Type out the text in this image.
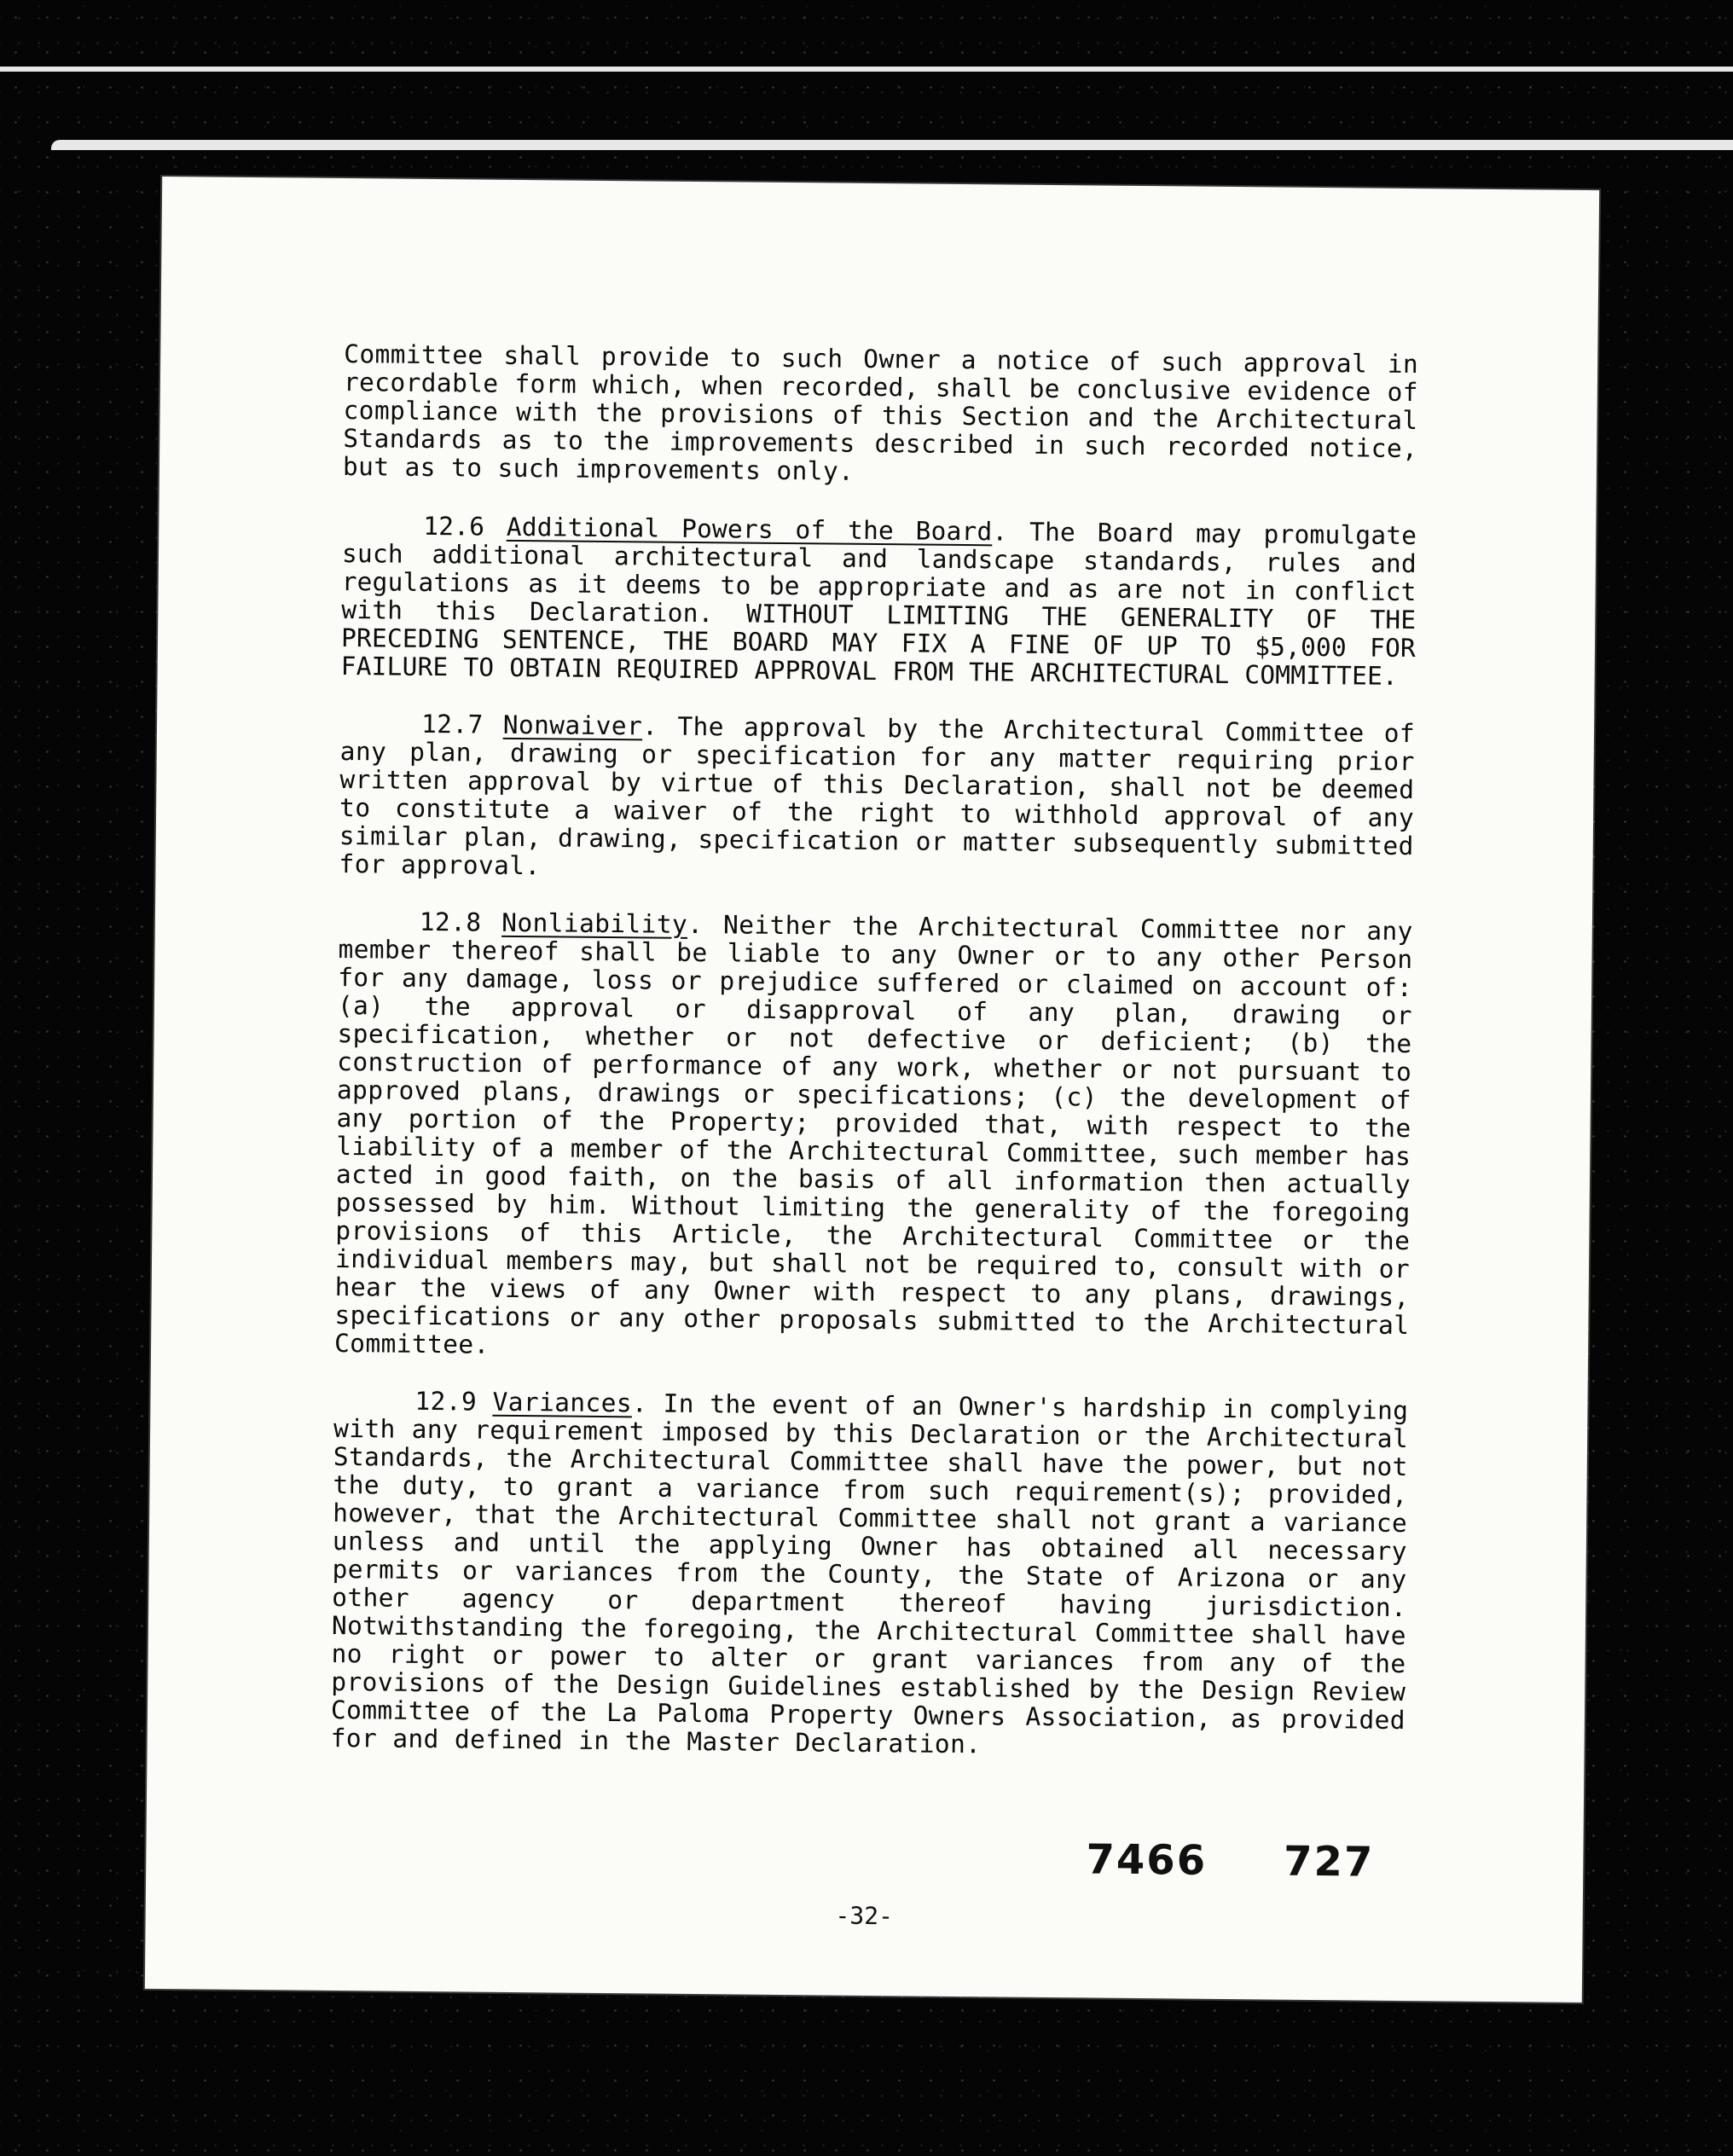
Committee shall provide to such Owner a notice of such approval in recordable form which, when recorded, shall be conclusive evidence of compliance with the provisions of this Section and the Architectural Standards as to the improvements described in such recorded notice, but as to such improvements only.

12.6 Additional Powers of the Board. The Board may promulgate such additional architectural and landscape standards, rules and regulations as it deems to be appropriate and as are not in conflict with this Declaration. WITHOUT LIMITING THE GENERALITY OF THE PRECEDING SENTENCE, THE BOARD MAY FIX A FINE OF UP TO $5,000 FOR FAILURE TO OBTAIN REQUIRED APPROVAL FROM THE ARCHITECTURAL COMMITTEE.

12.7 Nonwaiver. The approval by the Architectural Committee of any plan, drawing or specification for any matter requiring prior written approval by virtue of this Declaration, shall not be deemed to constitute a waiver of the right to withhold approval of any similar plan, drawing, specification or matter subsequently submitted for approval.

12.8 Nonliability. Neither the Architectural Committee nor any member thereof shall be liable to any Owner or to any other Person for any damage, loss or prejudice suffered or claimed on account of: (a) the approval or disapproval of any plan, drawing or specification, whether or not defective or deficient; (b) the construction of performance of any work, whether or not pursuant to approved plans, drawings or specifications; (c) the development of any portion of the Property; provided that, with respect to the liability of a member of the Architectural Committee, such member has acted in good faith, on the basis of all information then actually possessed by him. Without limiting the generality of the foregoing provisions of this Article, the Architectural Committee or the individual members may, but shall not be required to, consult with or hear the views of any Owner with respect to any plans, drawings, specifications or any other proposals submitted to the Architectural Committee.

12.9 Variances. In the event of an Owner's hardship in complying with any requirement imposed by this Declaration or the Architectural Standards, the Architectural Committee shall have the power, but not the duty, to grant a variance from such requirement(s); provided, however, that the Architectural Committee shall not grant a variance unless and until the applying Owner has obtained all necessary permits or variances from the County, the State of Arizona or any other agency or department thereof having jurisdiction. Notwithstanding the foregoing, the Architectural Committee shall have no right or power to alter or grant variances from any of the provisions of the Design Guidelines established by the Design Review Committee of the La Paloma Property Owners Association, as provided for and defined in the Master Declaration.

7466 727
-32-
